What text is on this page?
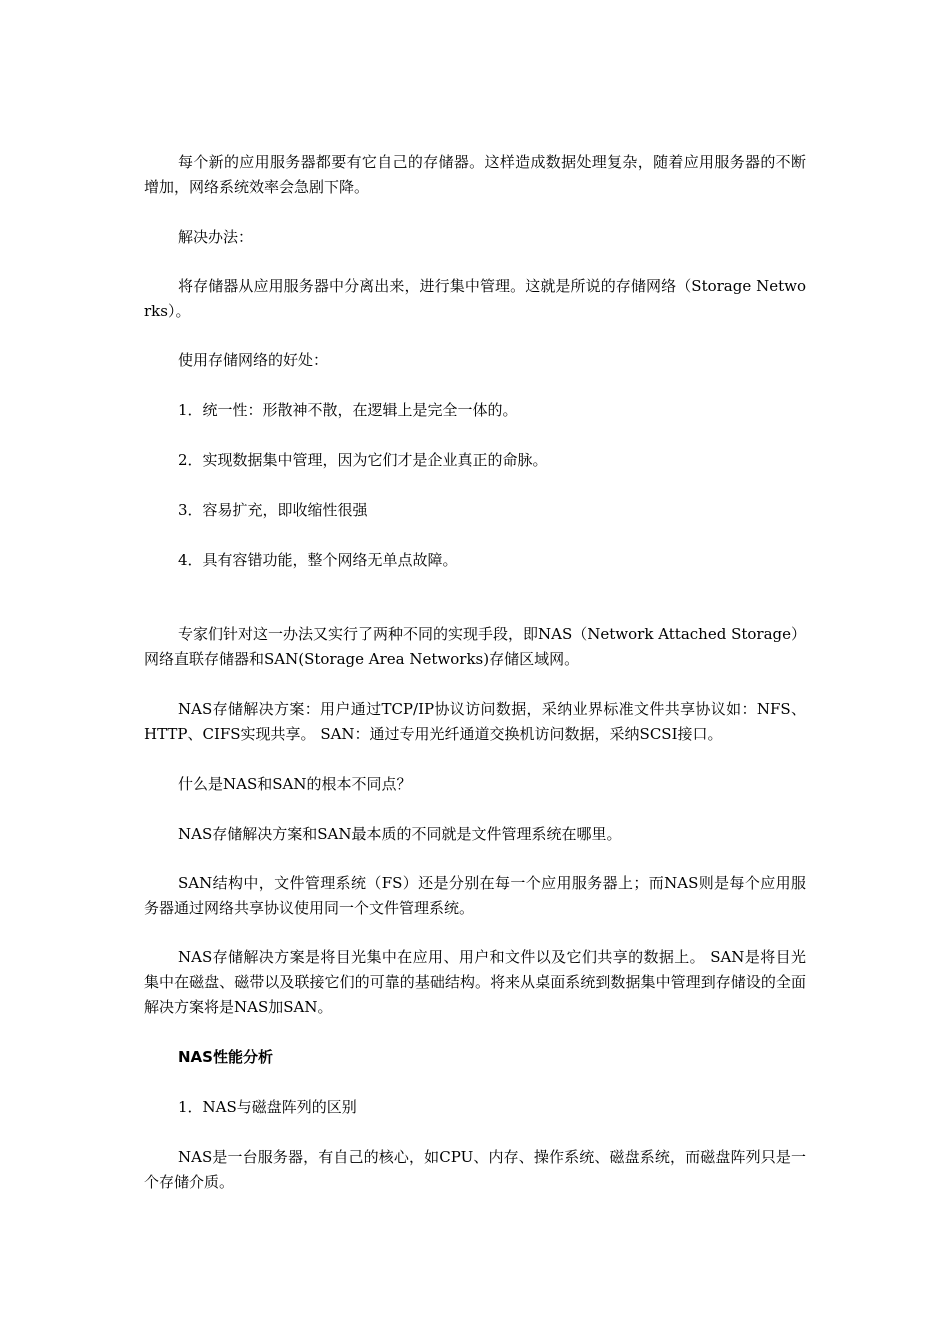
每个新的应用服务器都要有它自己的存储器。这样造成数据处理复杂，随着应用服务器的不断增加，网络系统效率会急剧下降。

解决办法：

将存储器从应用服务器中分离出来，进行集中管理。这就是所说的存储网络（Storage Networks）。

使用存储网络的好处：

1．统一性：形散神不散，在逻辑上是完全一体的。

2．实现数据集中管理，因为它们才是企业真正的命脉。

3．容易扩充，即收缩性很强

4．具有容错功能，整个网络无单点故障。

专家们针对这一办法又实行了两种不同的实现手段，即NAS（Network Attached Storage）网络直联存储器和SAN(Storage Area Networks)存储区域网。

NAS存储解决方案：用户通过TCP/IP协议访问数据，采纳业界标准文件共享协议如：NFS、HTTP、CIFS实现共享。 SAN：通过专用光纤通道交换机访问数据，采纳SCSI接口。

什么是NAS和SAN的根本不同点？

NAS存储解决方案和SAN最本质的不同就是文件管理系统在哪里。

SAN结构中，文件管理系统（FS）还是分别在每一个应用服务器上；而NAS则是每个应用服务器通过网络共享协议使用同一个文件管理系统。

NAS存储解决方案是将目光集中在应用、用户和文件以及它们共享的数据上。 SAN是将目光集中在磁盘、磁带以及联接它们的可靠的基础结构。将来从桌面系统到数据集中管理到存储设的全面解决方案将是NAS加SAN。

NAS性能分析

1．NAS与磁盘阵列的区别

NAS是一台服务器，有自己的核心，如CPU、内存、操作系统、磁盘系统，而磁盘阵列只是一个存储介质。
